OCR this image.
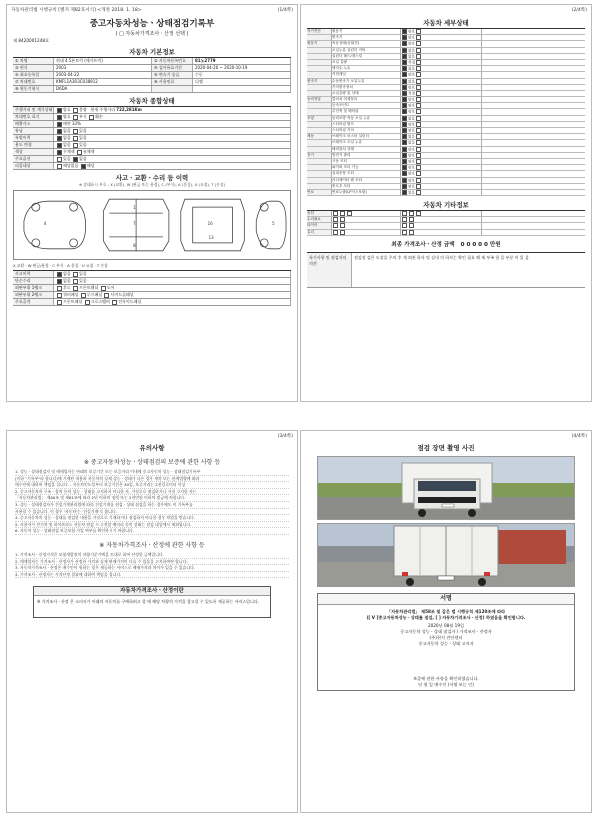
자동차관리법 시행규칙 [별지 제82호서식] <개정 2018. 1. 18>	(1/4쪽)
중고자동차성능ㆍ상태점검기록부
( □ 자동차가격조사ㆍ산정 선택 )
제 8420001248호
자동차 기본정보
① 차명	현대 4.5톤트럭 (메가트럭)	② 자동차등록번호	81노2779
③ 연식	2003	④ 검사유효기간	2020-04-20 ~ 2020-10-19
⑤ 최초등록일	2003-04-22	⑥ 변속기 종류	수동
⑦ 차대번호	KMFL1A3R3C038912	⑧ 사용연료	디젤
⑨ 원동기형식	D6DA
자동차 종합상태
주행거리 및 계기상태	양호 불량   현재 주행거리 722,281Km
차대번호 표기	양호 부식 훼손
배출가스	매연 33%
튜닝	없음 있음
특별이력	없음 있음
용도 변경	없음 있음
색상	무채색 유채색
주요옵션	있음 없음
리콜대상	해당없음 해당
사고ㆍ교환ㆍ수리 등 이력
※ 상태표시 부호 : X (교환), W (판금 또는 용접), C (부식), A (흠집), U (요철), T (손상)
1
7
8
16
13
4	5
X 교환 · W 판금/용접 · C 부식 · A 흠집 · U 요철 · T 손상
사고이력	없음 있음
단순수리	없음 있음
외판부위 1랭크	후드 프론트휀더 도어
외판부위 2랭크	쿼터패널 루프패널 사이드실패널
주요골격	프론트패널 크로스멤버 인사이드패널
(2/4쪽)
자동차 세부상태
자기진단	원동기	양호
변속기	양호
원동기	작동상태(공회전)	양호
오일누유 실린더 커버	없음
실린더 헤드/개스킷	없음
오일 유량	적정
냉각수 누수	없음
커먼레일	양호
변속기	수동변속기 오일누유	없음
기어변속장치	양호
오일유량 및 상태	적정
동력전달	클러치 어셈블리	양호
등속조인트	양호
추진축 및 베어링	양호
조향	동력조향 작동 오일 누유	없음
스티어링 펌프	양호
스티어링 기어	양호
제동	브레이크 마스터 실린더	없음
브레이크 오일 누유	없음
배력장치 상태	양호
전기	발전기 출력	양호
시동 모터	양호
와이퍼 모터 기능	양호
실내송풍 모터	양호
라디에이터 팬 모터	양호
윈도우 모터	양호
연료	연료누출(LP가스포함)	없음
자동차 기타정보
옵션
수리필요
타이어
유리
최종 가격조사ㆍ산정 금액 0 0 0 0 0 만원
특기사항 및 점검자의 의견
점검장 검은 도장을 주의 후 재 외관 하자 및 실내 의 하자는 확인 필요 해 제 부족 함 을 부분 이 있 음
(3/4쪽)
유의사항
※ 중고자동차성능ㆍ상태점검의 보증에 관한 사항 등
1. 성능ㆍ상태점검자 및 매매업자는 아래의 보증기간 또는 보증거리 이내에 중고자동차 성능ㆍ상태점검기록부
(이하 "기록부"라 합니다)에 기재된 내용과 자동차의 실제 성능ㆍ상태가 다른 경우 계약 또는 관계법령에 따라
매수인에 대하여 책임을 집니다. - 자동차인도일부터 보증기간은 30일, 보증거리는 2천킬로미터 이상
2. 중고자동차의 구조ㆍ장치 등의 성능ㆍ상태를 고지하지 아니한 자, 거짓으로 점검하거나 거짓 고지한 자는
「자동차관리법」 제80조 및 제81조에 따라 2년 이하의 징역 또는 2천만원 이하의 벌금에 처합니다.
3. 성능ㆍ상태점검자가 건설기계관리법에 따라 건설기계를 점검ㆍ상태 점검을 하는 경우에도 이 기록부를
사용할 수 있습니다. 이 경우 '자동차'는 '건설기계'로 봅니다.
4. 중고자동차의 성능ㆍ상태를 점검한 내용을 거짓으로 기재하거나 점검하지 아니한 경우 처벌을 받습니다.
5. 사용자가 전기차 및 하이브리드 자동차 점검 시 고전압 배터리 등의 상태는 점검 대상에서 제외됩니다.
6. 자동차 성능ㆍ상태점검 보증보험 가입 여부를 확인하시기 바랍니다.
※ 자동차가격조사ㆍ산정에 관한 사항 등
1. 가격조사ㆍ산정가격은 보험개발원의 차량기준가액을 토대로 하여 산정한 금액입니다.
2. 매매업자는 가격조사ㆍ산정자가 산정한 가격과 실제 판매가격이 다를 수 있음을 고지하여야 합니다.
3. 자동차가격조사ㆍ산정은 매수인이 원하는 경우 제공하는 서비스로 매매가격과 차이가 있을 수 있습니다.
4. 가격조사ㆍ산정자는 가격산정 결과에 대하여 책임을 집니다.
자동차가격조사ㆍ산정이란
※ 가격조사ㆍ산정 은 소비자가 아래의 자동차를 구매하려고 할 때 해당 차량의 가격을 참고할 수 있도록 제공하는 서비스입니다.
(4/4쪽)
점검 장면 촬영 사진
서명
「자동차관리법」 제58조 및 같은 법 시행규칙 제120조에 따라
([ V ]중고자동차성능ㆍ상태를 점검, [ ] 자동차가격조사ㆍ산정) 하였음을 확인합니다.
2020년 08월 19일
중고자동차 성능ㆍ상태 점검자 / 가격조사ㆍ산정자
(주)천지 진단센터
중고자동차 성능ㆍ상태 고지자
보증에 관한 사항을 확인하였습니다.
년 월 일 매수인 (서명 또는 인)
